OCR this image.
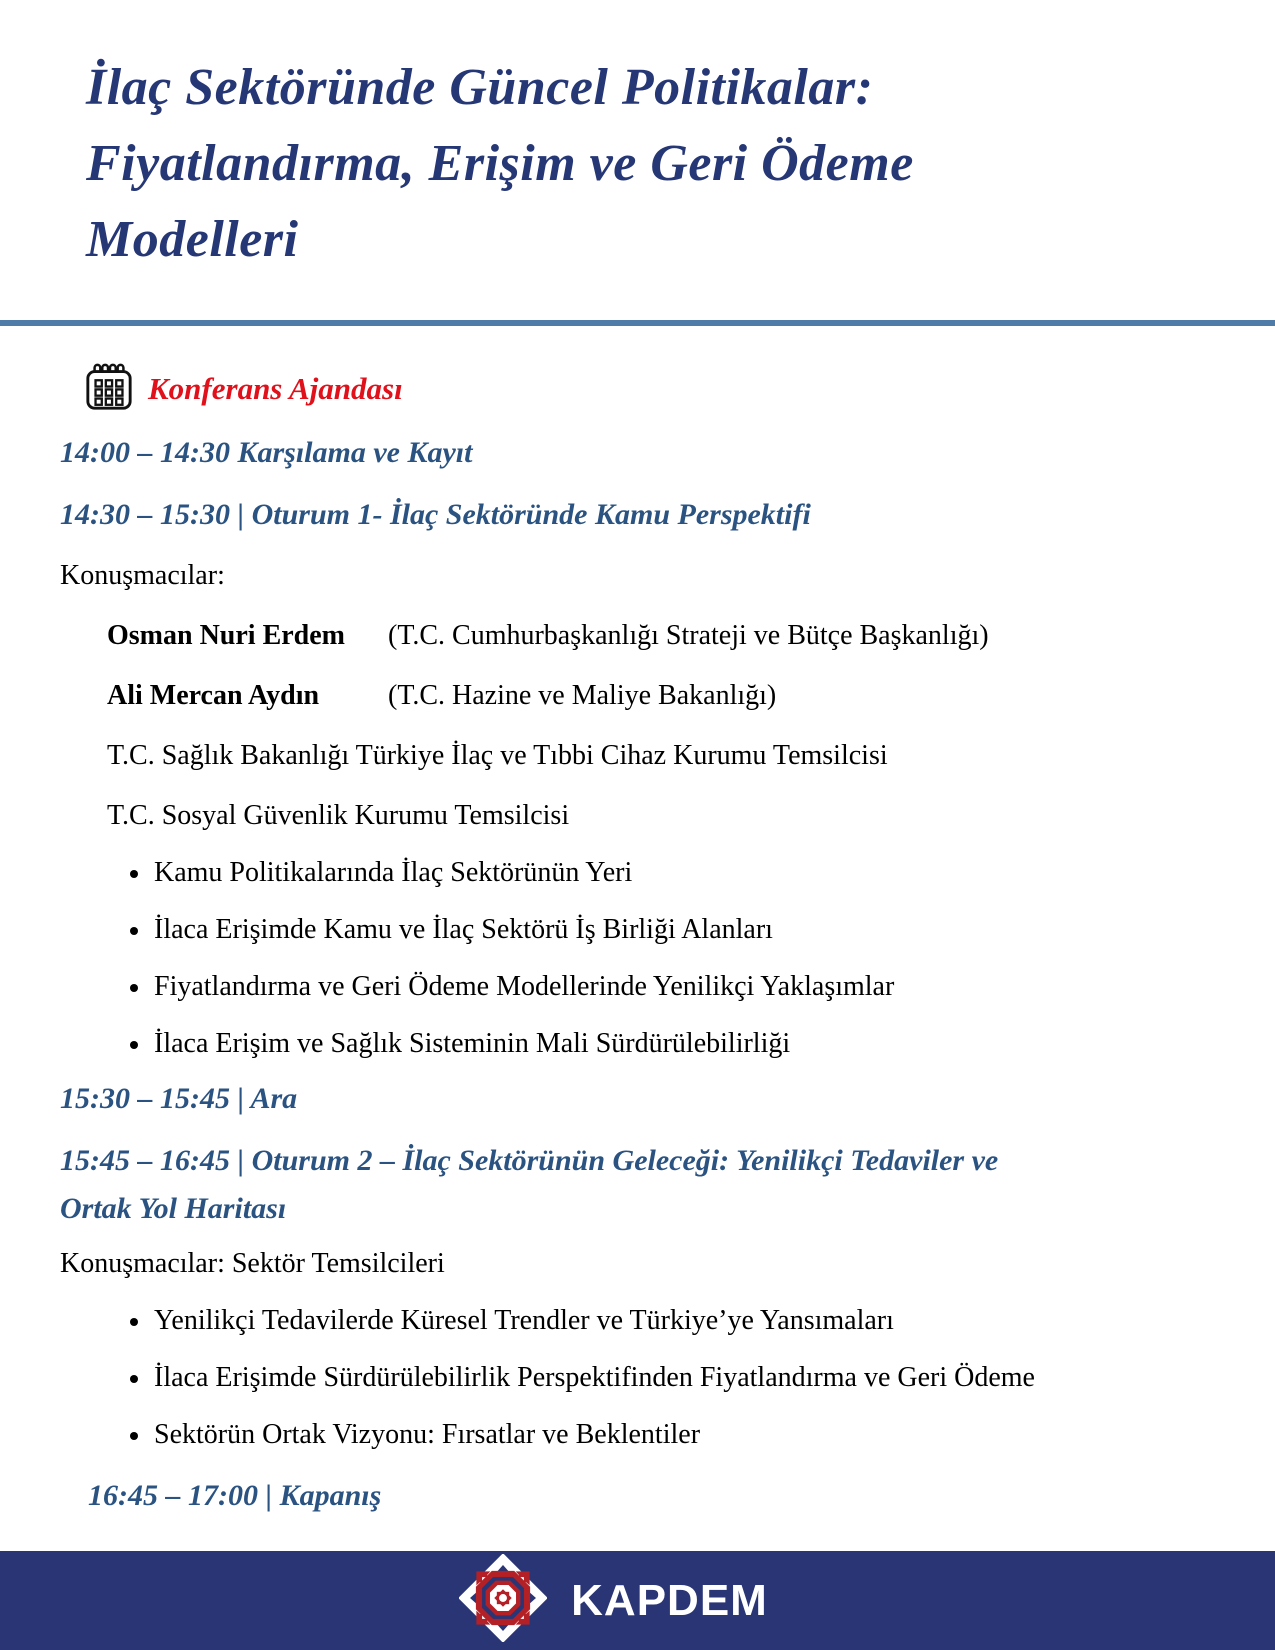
İlaç Sektöründe Güncel Politikalar:
Fiyatlandırma, Erişim ve Geri Ödeme
Modelleri
Konferans Ajandası
14:00 – 14:30 Karşılama ve Kayıt
14:30 – 15:30 | Oturum 1- İlaç Sektöründe Kamu Perspektifi
Konuşmacılar:
Osman Nuri Erdem	(T.C. Cumhurbaşkanlığı Strateji ve Bütçe Başkanlığı)
Ali Mercan Aydın	(T.C. Hazine ve Maliye Bakanlığı)
T.C. Sağlık Bakanlığı Türkiye İlaç ve Tıbbi Cihaz Kurumu Temsilcisi
T.C. Sosyal Güvenlik Kurumu Temsilcisi
Kamu Politikalarında İlaç Sektörünün Yeri
İlaca Erişimde Kamu ve İlaç Sektörü İş Birliği Alanları
Fiyatlandırma ve Geri Ödeme Modellerinde Yenilikçi Yaklaşımlar
İlaca Erişim ve Sağlık Sisteminin Mali Sürdürülebilirliği
15:30 – 15:45 | Ara
15:45 – 16:45 | Oturum 2 – İlaç Sektörünün Geleceği: Yenilikçi Tedaviler ve Ortak Yol Haritası
Konuşmacılar: Sektör Temsilcileri
Yenilikçi Tedavilerde Küresel Trendler ve Türkiye’ye Yansımaları
İlaca Erişimde Sürdürülebilirlik Perspektifinden Fiyatlandırma ve Geri Ödeme
Sektörün Ortak Vizyonu: Fırsatlar ve Beklentiler
16:45 – 17:00 | Kapanış
KAPDEM
